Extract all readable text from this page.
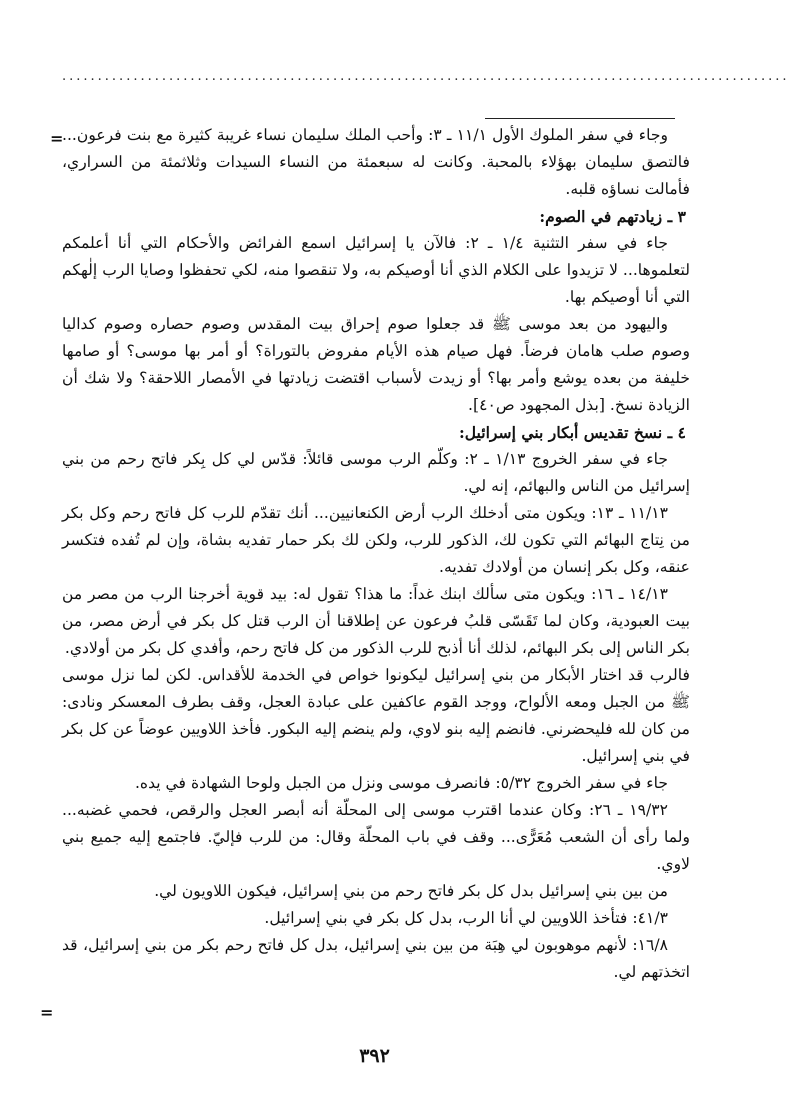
......................................................................................................
=

وجاء في سفر الملوك الأول ١١/١ ـ ٣: وأحب الملك سليمان نساء غريبة كثيرة مع بنت فرعون... فالتصق سليمان بهؤلاء بالمحبة. وكانت له سبعمئة من النساء السيدات وثلاثمئة من السراري، فأمالت نساؤه قلبه.

٣ ـ زيادتهم في الصوم:

جاء في سفر التثنية ١/٤ ـ ٢: فالآن يا إسرائيل اسمع الفرائض والأحكام التي أنا أعلمكم لتعلموها... لا تزيدوا على الكلام الذي أنا أوصيكم به، ولا تنقصوا منه، لكي تحفظوا وصايا الرب إلٰهكم التي أنا أوصيكم بها.

واليهود من بعد موسى ﷺ قد جعلوا صوم إحراق بيت المقدس وصوم حصاره وصوم كداليا وصوم صلب هامان فرضاً. فهل صيام هذه الأيام مفروض بالتوراة؟ أو أمر بها موسى؟ أو صامها خليفة من بعده يوشع وأمر بها؟ أو زيدت لأسباب اقتضت زيادتها في الأمصار اللاحقة؟ ولا شك أن الزيادة نسخ. [بذل المجهود ص٤٠].

٤ ـ نسخ تقديس أبكار بني إسرائيل:

جاء في سفر الخروج ١/١٣ ـ ٢: وكلّم الرب موسى قائلاً: قدّس لي كل بِكر فاتح رحم من بني إسرائيل من الناس والبهائم، إنه لي.

١١/١٣ ـ ١٣: ويكون متى أدخلك الرب أرض الكنعانيين... أنك تقدّم للرب كل فاتح رحم وكل بكر من نِتاج البهائم التي تكون لك، الذكور للرب، ولكن لك بكر حمار تفديه بشاة، وإن لم تُفده فتكسر عنقه، وكل بكر إنسان من أولادك تفديه.

١٤/١٣ ـ ١٦: ويكون متى سألك ابنك غداً: ما هذا؟ تقول له: بيد قوية أخرجنا الرب من مصر من بيت العبودية، وكان لما تَقَسّى قلبُ فرعون عن إطلاقنا أن الرب قتل كل بكر في أرض مصر، من بكر الناس إلى بكر البهائم، لذلك أنا أذبح للرب الذكور من كل فاتح رحم، وأفدي كل بكر من أولادي.

فالرب قد اختار الأبكار من بني إسرائيل ليكونوا خواص في الخدمة للأقداس. لكن لما نزل موسى ﷺ من الجبل ومعه الألواح، ووجد القوم عاكفين على عبادة العجل، وقف بطرف المعسكر ونادى: من كان لله فليحضرني. فانضم إليه بنو لاوي، ولم ينضم إليه البكور. فأخذ اللاويين عوضاً عن كل بكر في بني إسرائيل.

جاء في سفر الخروج ٥/٣٢: فانصرف موسى ونزل من الجبل ولوحا الشهادة في يده.

١٩/٣٢ ـ ٢٦: وكان عندما اقترب موسى إلى المحلّة أنه أبصر العجل والرقص، فحمي غضبه... ولما رأى أن الشعب مُعَرًّى... وقف في باب المحلّة وقال: من للرب فإليّ. فاجتمع إليه جميع بني لاوي.

من بين بني إسرائيل بدل كل بكر فاتح رحم من بني إسرائيل، فيكون اللاويون لي.

٤١/٣: فتأخذ اللاويين لي أنا الرب، بدل كل بكر في بني إسرائيل.

١٦/٨: لأنهم موهوبون لي هِبَة من بين بني إسرائيل، بدل كل فاتح رحم بكر من بني إسرائيل، قد اتخذتهم لي.

=
٣٩٢
